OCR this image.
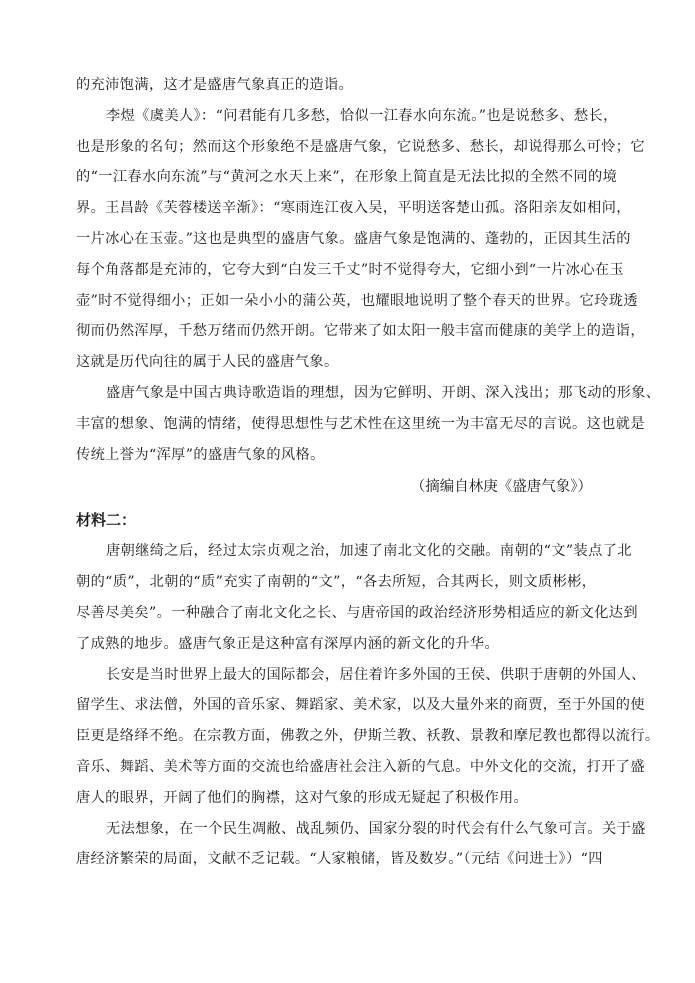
的充沛饱满，这才是盛唐气象真正的造诣。
李煜《虞美人》：“问君能有几多愁，恰似一江春水向东流。”也是说愁多、愁长，
也是形象的名句；然而这个形象绝不是盛唐气象，它说愁多、愁长，却说得那么可怜；它
的“一江春水向东流”与“黄河之水天上来”，在形象上简直是无法比拟的全然不同的境
界。王昌龄《芙蓉楼送辛渐》：“寒雨连江夜入吴，平明送客楚山孤。洛阳亲友如相问，
一片冰心在玉壶。”这也是典型的盛唐气象。盛唐气象是饱满的、蓬勃的，正因其生活的
每个角落都是充沛的，它夸大到“白发三千丈”时不觉得夸大，它细小到“一片冰心在玉
壶”时不觉得细小；正如一朵小小的蒲公英，也耀眼地说明了整个春天的世界。它玲珑透
彻而仍然浑厚，千愁万绪而仍然开朗。它带来了如太阳一般丰富而健康的美学上的造诣，
这就是历代向往的属于人民的盛唐气象。
盛唐气象是中国古典诗歌造诣的理想，因为它鲜明、开朗、深入浅出；那飞动的形象、
丰富的想象、饱满的情绪，使得思想性与艺术性在这里统一为丰富无尽的言说。这也就是
传统上誉为“浑厚”的盛唐气象的风格。
（摘编自林庚《盛唐气象》）
材料二：
唐朝继绮之后，经过太宗贞观之治，加速了南北文化的交融。南朝的“文”装点了北
朝的“质”，北朝的“质”充实了南朝的“文”，“各去所短，合其两长，则文质彬彬，
尽善尽美矣”。一种融合了南北文化之长、与唐帝国的政治经济形势相适应的新文化达到
了成熟的地步。盛唐气象正是这种富有深厚内涵的新文化的升华。
长安是当时世界上最大的国际都会，居住着许多外国的王侯、供职于唐朝的外国人、
留学生、求法僧，外国的音乐家、舞蹈家、美术家，以及大量外来的商贾，至于外国的使
臣更是络绎不绝。在宗教方面，佛教之外，伊斯兰教、袄教、景教和摩尼教也都得以流行。
音乐、舞蹈、美术等方面的交流也给盛唐社会注入新的气息。中外文化的交流，打开了盛
唐人的眼界，开阔了他们的胸襟，这对气象的形成无疑起了积极作用。
无法想象，在一个民生凋敝、战乱频仍、国家分裂的时代会有什么气象可言。关于盛
唐经济繁荣的局面，文献不乏记载。“人家粮储，皆及数岁。”（元结《问进士》）“四
